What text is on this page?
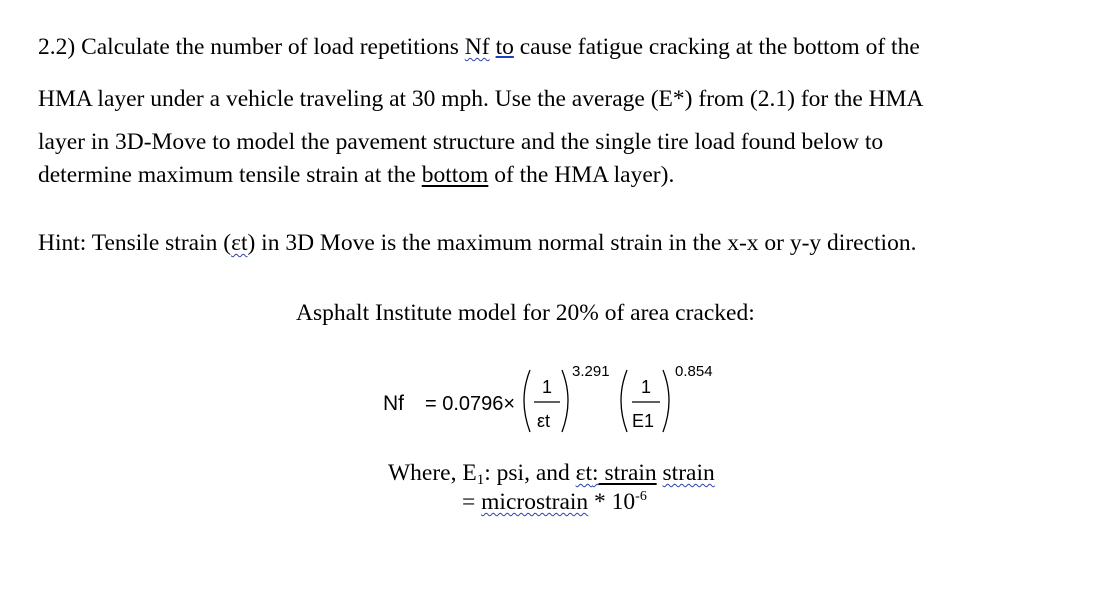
2.2) Calculate the number of load repetitions Nf to cause fatigue cracking at the bottom of the
HMA layer under a vehicle traveling at 30 mph. Use the average (E*) from (2.1) for the HMA
layer in 3D-Move to model the pavement structure and the single tire load found below to
determine maximum tensile strain at the bottom of the HMA layer).
Hint: Tensile strain (εt) in 3D Move is the maximum normal strain in the x-x or y-y direction.
Asphalt Institute model for 20% of area cracked:
Nf = 0.0796×
1
εt
3.291
1
E1
0.854
Where, $E_1$: psi, and εt: strain strain
= microstrain * $10^{-6}$
